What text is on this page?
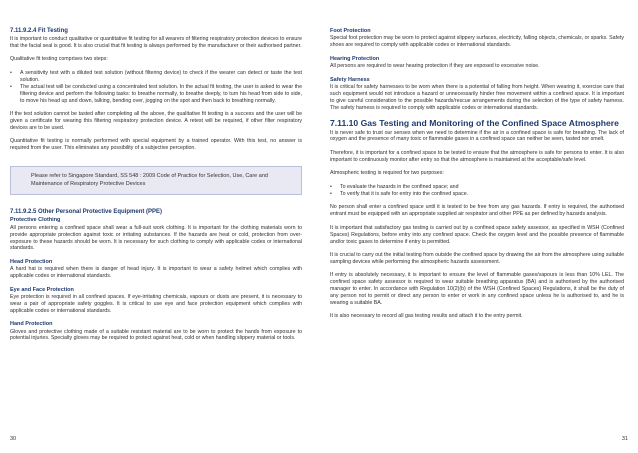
7.11.9.2.4 Fit Testing

It is important to conduct qualitative or quantitative fit testing for all wearers of filtering respiratory protection devices to ensure that the facial seal is good. It is also crucial that fit testing is always performed by the manufacturer or their authorised partner.

Qualitative fit testing comprises two steps:

• A sensitivity test with a diluted test solution (without filtering device) to check if the wearer can detect or taste the test solution.
• The actual test will be conducted using a concentrated test solution. In the actual fit testing, the user is asked to wear the filtering device and perform the following tasks: to breathe normally, to breathe deeply, to turn his head from side to side, to move his head up and down, talking, bending over, jogging on the spot and then back to breathing normally.

If the test solution cannot be tasted after completing all the above, the qualitative fit testing is a success and the user will be given a certificate for wearing this filtering respiratory protection device. A retest will be required, if other filter respiratory devices are to be used.

Quantitative fit testing is normally performed with special equipment by a trained operator. With this test, no answer is required from the user. This eliminates any possibility of a subjective perception.

Please refer to Singapore Standard, SS 548 : 2009 Code of Practice for Selection, Use, Care and Maintenance of Respiratory Protective Devices
7.11.9.2.5 Other Personal Protective Equipment (PPE)
Protective Clothing

All persons entering a confined space shall wear a full-suit work clothing. It is important for the clothing materials worn to provide appropriate protection against toxic or irritating substances. If the hazards are heat or cold, protection from over-exposure to these hazards should be worn. It is necessary for such clothing to comply with applicable codes or international standards.

Head Protection

A hard hat is required when there is danger of head injury. It is important to wear a safety helmet which complies with applicable codes or international standards.

Eye and Face Protection

Eye protection is required in all confined spaces. If eye-irritating chemicals, vapours or dusts are present, it is necessary to wear a pair of appropriate safety goggles. It is critical to use eye and face protection equipment which complies with applicable codes or international standards.

Hand Protection

Gloves and protective clothing made of a suitable resistant material are to be worn to protect the hands from exposure to potential injuries. Specialty gloves may be required to protect against heat, cold or when handling slippery material or tools.

Foot Protection

Special foot protection may be worn to protect against slippery surfaces, electricity, falling objects, chemicals, or sparks. Safety shoes are required to comply with applicable codes or international standards.

Hearing Protection

All persons are required to wear hearing protection if they are exposed to excessive noise.

Safety Harness

It is critical for safety harnesses to be worn when there is a potential of falling from height. When wearing it, exercise care that such equipment would not introduce a hazard or unnecessarily hinder free movement within a confined space. It is important to give careful consideration to the possible hazards/rescue arrangements during the selection of the type of safety harness. The safety harness is required to comply with applicable codes or international standards.

7.11.10 Gas Testing and Monitoring of the Confined Space Atmosphere

It is never safe to trust our senses when we need to determine if the air in a confined space is safe for breathing. The lack of oxygen and the presence of many toxic or flammable gases in a confined space can neither be seen, tasted nor smelt.

Therefore, it is important for a confined space to be tested to ensure that the atmosphere is safe for persons to enter. It is also important to continuously monitor after entry so that the atmosphere is maintained at the acceptable/safe level.

Atmospheric testing is required for two purposes:

• To evaluate the hazards in the confined space; and
• To verify that it is safe for entry into the confined space.

No person shall enter a confined space until it is tested to be free from any gas hazards. If entry is required, the authorised entrant must be equipped with an appropriate supplied air respirator and other PPE as per defined by hazards analysis.

It is important that satisfactory gas testing is carried out by a confined space safety assessor, as specified in WSH (Confined Spaces) Regulations, before entry into any confined space. Check the oxygen level and the possible presence of flammable and/or toxic gases to determine if entry is permitted.

It is crucial to carry out the initial testing from outside the confined space by drawing the air from the atmosphere using suitable sampling devices while performing the atmospheric hazards assessment.

If entry is absolutely necessary, it is important to ensure the level of flammable gases/vapours is less than 10% LEL. The confined space safety assessor is required to wear suitable breathing apparatus (BA) and is authorised by the authorised manager to enter. In accordance with Regulation 10(2)(b) of the WSH (Confined Spaces) Regulations, it shall be the duty of any person not to permit or direct any person to enter or work in any confined space unless he is authorised to, and he is wearing a suitable BA.

It is also necessary to record all gas testing results and attach it to the entry permit.

30	31
